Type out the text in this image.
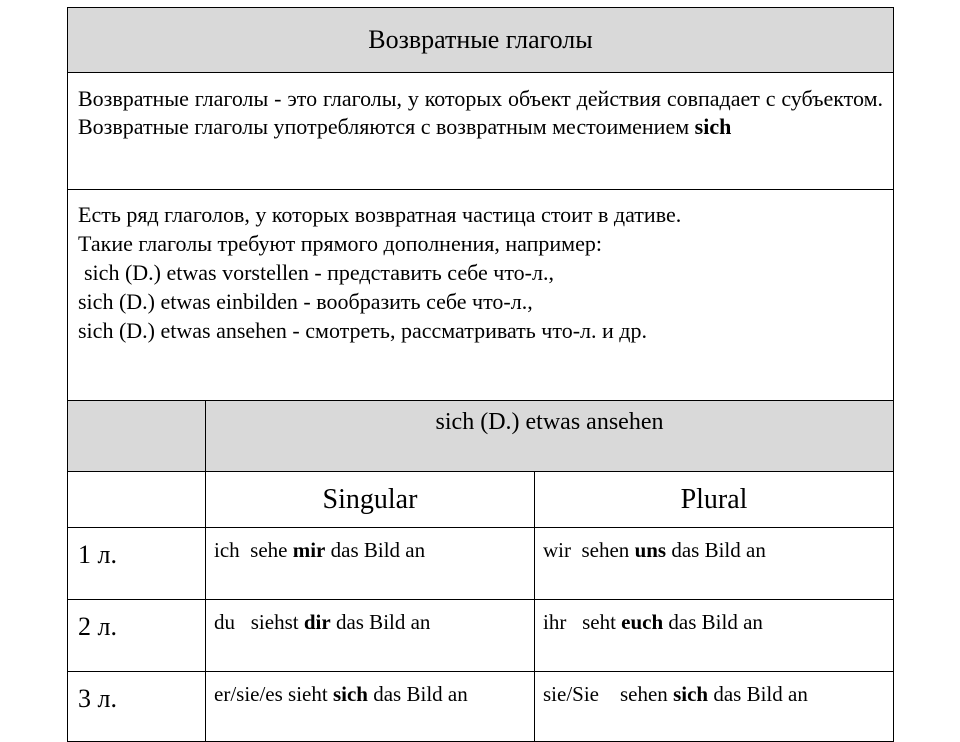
Возвратные глаголы		
Возвратные глаголы - это глаголы, у которых объект действия совпадает с субъектом. Возвратные глаголы употребляются с возвратным местоимением sich		

Есть ряд глаголов, у которых возвратная частица стоит в дативе.
Такие глаголы требуют прямого дополнения, например:
sich (D.) etwas vorstellen - представить себе что-л.,
sich (D.) etwas einbilden - вообразить себе что-л.,
sich (D.) etwas ansehen - смотреть, рассматривать что-л. и др.		

	sich (D.) etwas ansehen	
	Singular	Plural
1 л.	ich  sehe mir das Bild an	wir  sehen uns das Bild an
2 л.	du   siehst dir das Bild an	ihr   seht euch das Bild an
3 л.	er/sie/es sieht sich das Bild an	sie/Sie    sehen sich das Bild an
